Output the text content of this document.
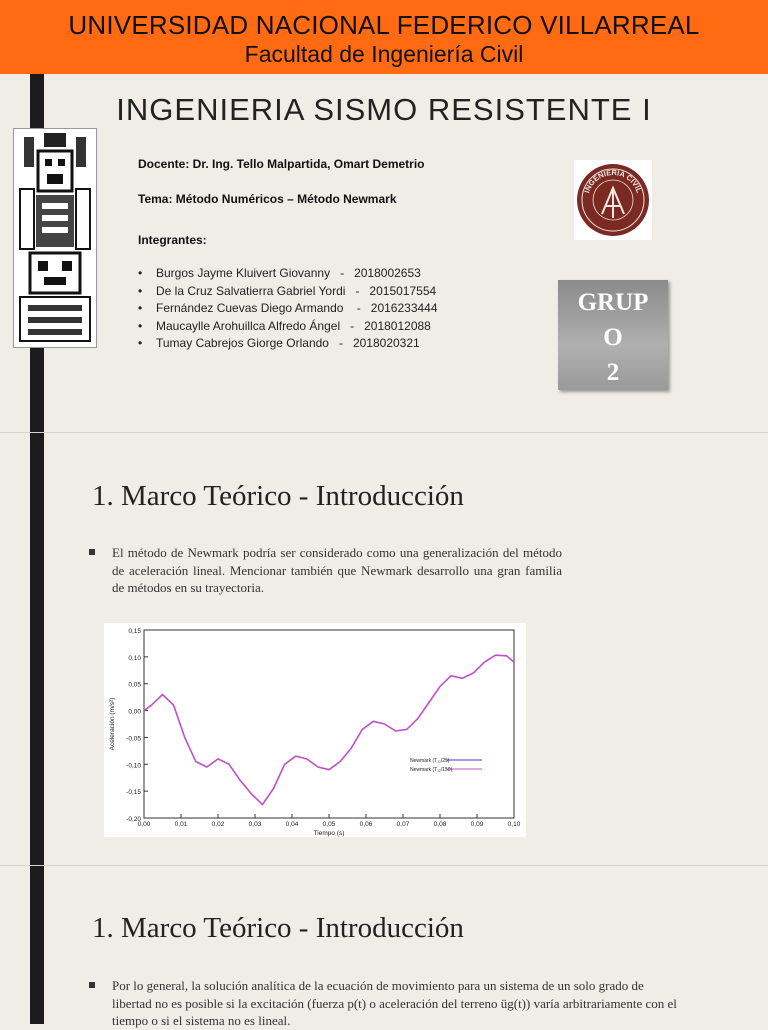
UNIVERSIDAD NACIONAL FEDERICO VILLARREAL
Facultad de Ingeniería Civil
INGENIERIA SISMO RESISTENTE I
Docente: Dr. Ing. Tello Malpartida, Omart Demetrio
Tema: Método Numéricos – Método Newmark
Integrantes:
• Burgos Jayme Kluivert Giovanny   -   2018002653
• De la Cruz Salvatierra Gabriel Yordi   -   2015017554
• Fernández Cuevas Diego Armando    -   2016233444
• Maucaylle Arohuillca Alfredo Ángel   -   2018012088
• Tumay Cabrejos Giorge Orlando   -   2018020321
INGENIERIA CIVIL
GRUP
O
2
1. Marco Teórico - Introducción
El método de Newmark podría ser considerado como una generalización del método de aceleración lineal. Mencionar también que Newmark desarrollo una gran familia de métodos en su trayectoria.
0,15
0,10
0,05
0,00
-0,05
-0,10
-0,15
-0,20
0,00	0,01	0,02	0,03	0,04	0,05	0,06	0,07	0,08	0,09	0,10
Tiempo (s)
Aceleración (m/s²)
Newmark (T₁₂/25)
Newmark (T₁₂/150)
1. Marco Teórico - Introducción
Por lo general, la solución analítica de la ecuación de movimiento para un sistema de un solo grado de libertad no es posible si la excitación (fuerza p(t) o aceleración del terreno üg(t)) varía arbitrariamente con el tiempo o si el sistema no es lineal.
